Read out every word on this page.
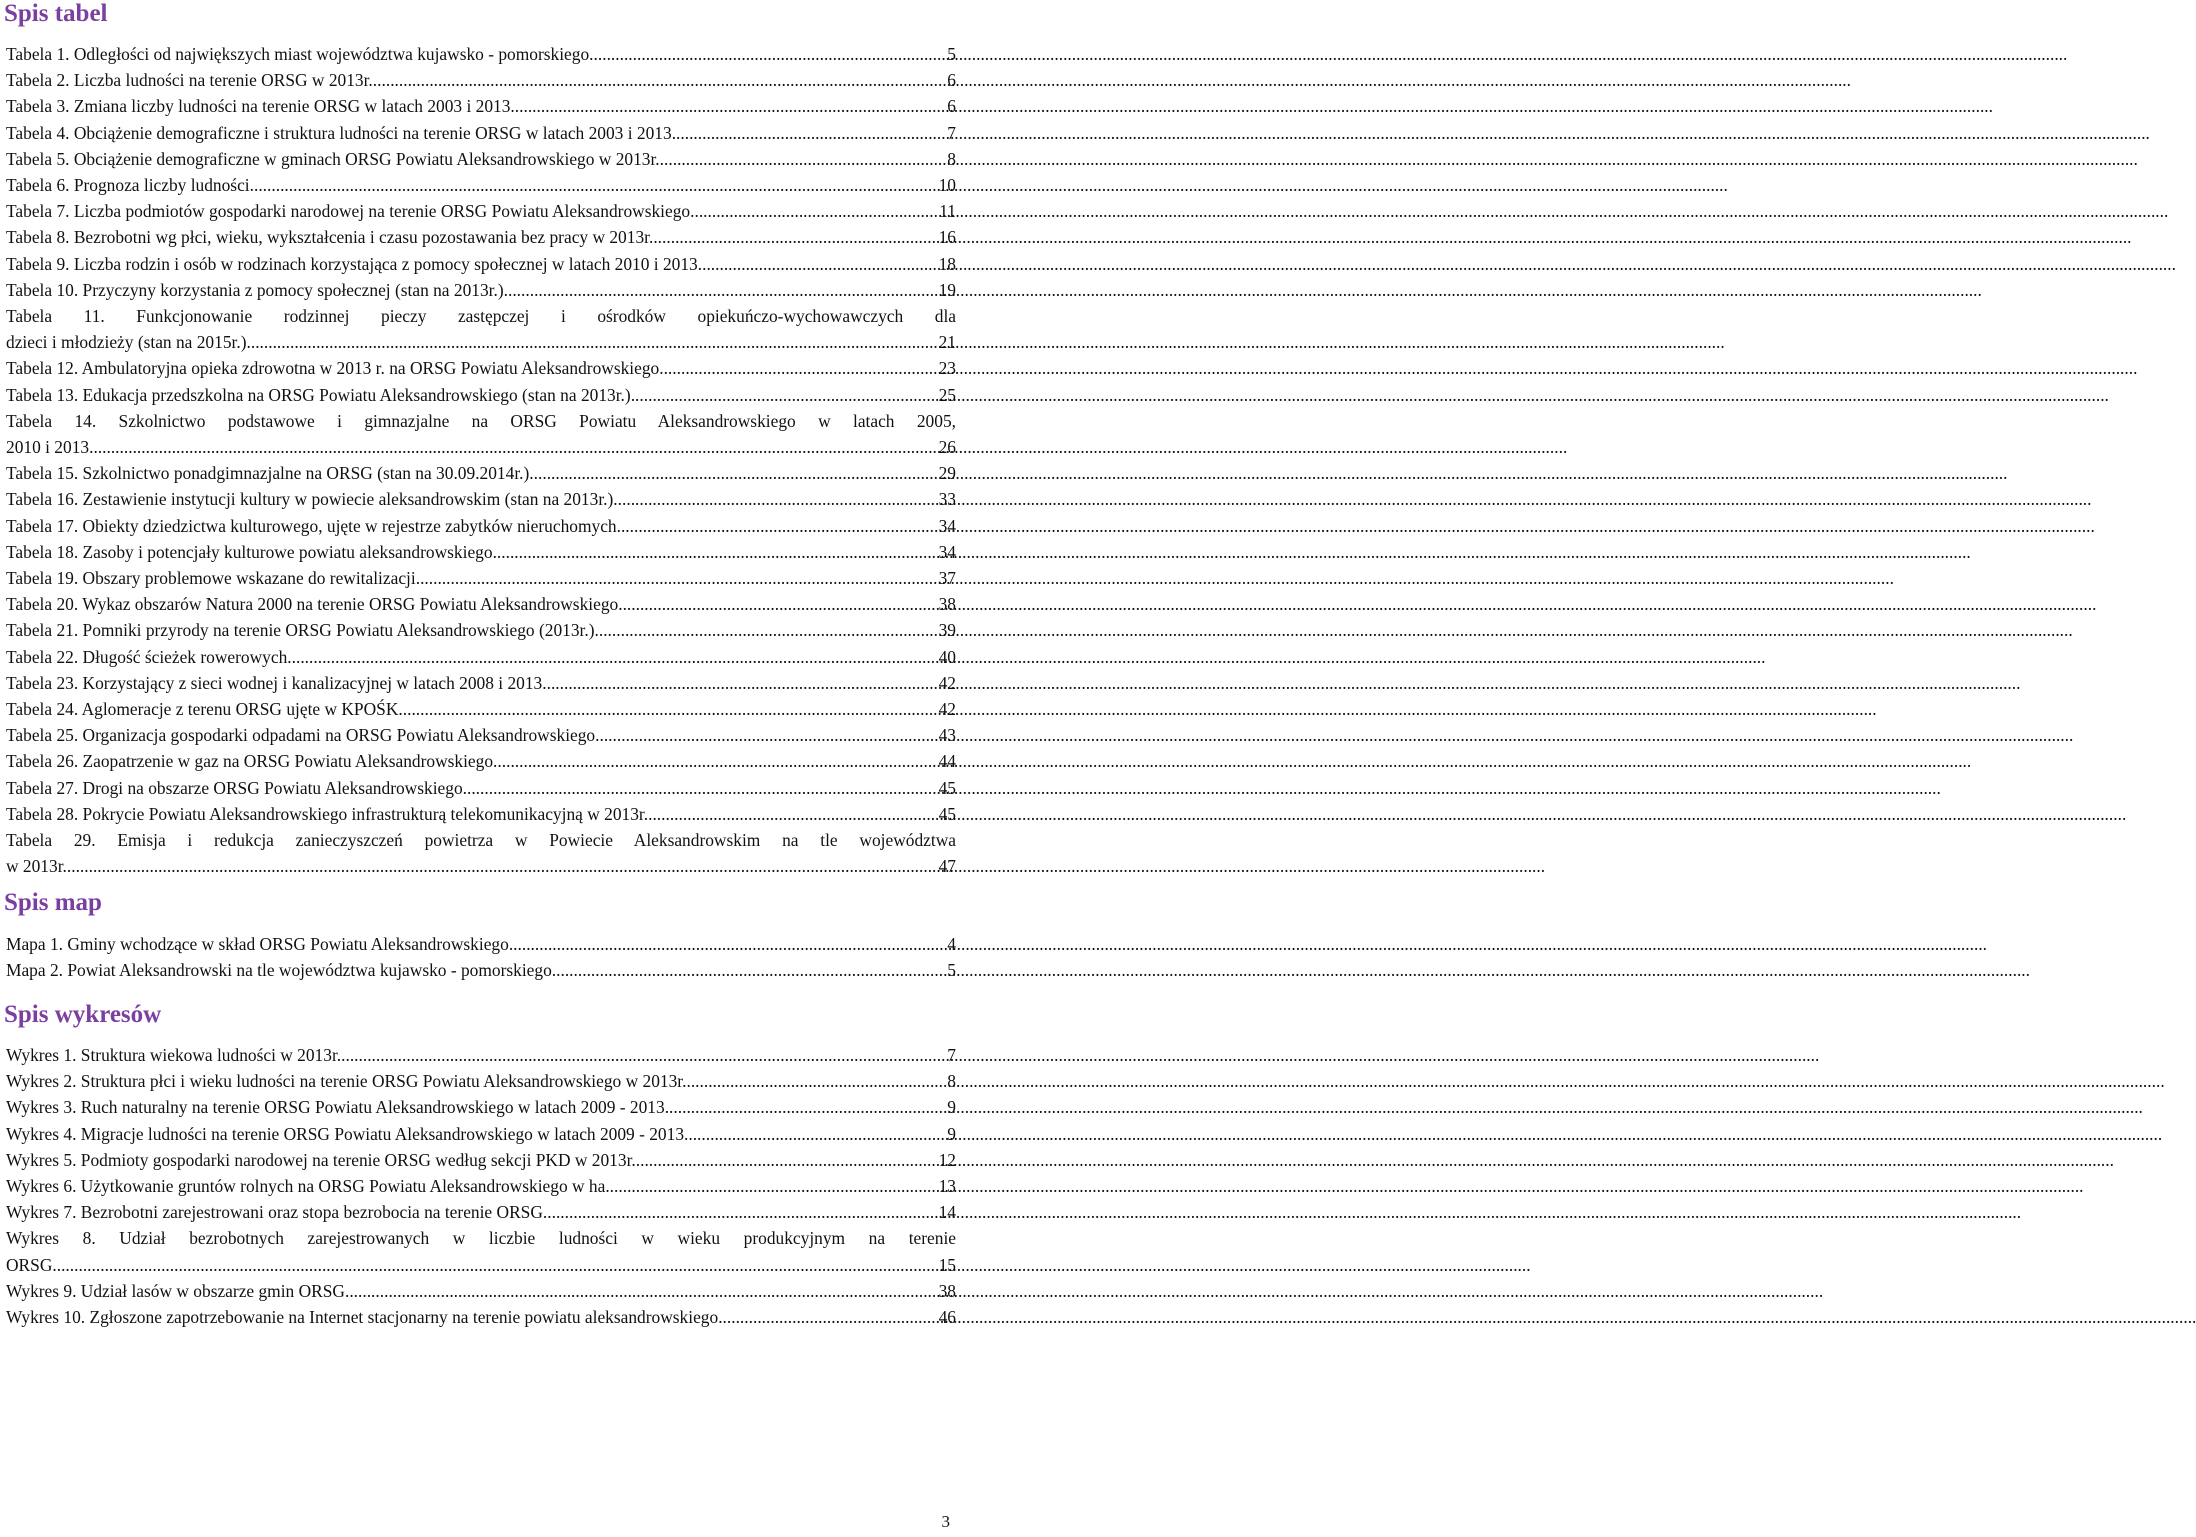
Spis tabel
Tabela 1. Odległości od największych miast województwa kujawsko - pomorskiego .....	5
Tabela 2. Liczba ludności na terenie ORSG w 2013r. .....	6
Tabela 3. Zmiana liczby ludności na terenie ORSG w latach 2003 i 2013. .....	6
Tabela 4. Obciążenie demograficzne i struktura ludności na terenie ORSG w latach 2003 i 2013 .....	7
Tabela 5. Obciążenie demograficzne w gminach ORSG Powiatu Aleksandrowskiego w 2013r. .....	8
Tabela 6. Prognoza liczby ludności .....	10
Tabela 7. Liczba podmiotów gospodarki narodowej na terenie ORSG Powiatu Aleksandrowskiego .....	11
Tabela 8. Bezrobotni wg płci, wieku, wykształcenia i czasu pozostawania bez pracy w 2013r. .....	16
Tabela 9. Liczba rodzin i osób w rodzinach korzystająca z pomocy społecznej w latach 2010 i 2013 .....	18
Tabela 10. Przyczyny korzystania z pomocy społecznej (stan na 2013r.) .....	19
Tabela 11. Funkcjonowanie rodzinnej pieczy zastępczej i ośrodków opiekuńczo-wychowawczych dla
dzieci i młodzieży (stan na 2015r.) .....	21
Tabela 12. Ambulatoryjna opieka zdrowotna w 2013 r. na ORSG Powiatu Aleksandrowskiego .....	23
Tabela 13. Edukacja przedszkolna na ORSG Powiatu Aleksandrowskiego (stan na 2013r.) .....	25
Tabela 14. Szkolnictwo podstawowe i gimnazjalne na ORSG Powiatu Aleksandrowskiego w latach 2005,
2010 i 2013 .....	26
Tabela 15. Szkolnictwo ponadgimnazjalne na ORSG (stan na 30.09.2014r.) .....	29
Tabela 16. Zestawienie instytucji kultury w powiecie aleksandrowskim (stan na 2013r.) .....	33
Tabela 17. Obiekty dziedzictwa kulturowego, ujęte w rejestrze zabytków nieruchomych .....	34
Tabela 18. Zasoby i potencjały kulturowe powiatu aleksandrowskiego .....	34
Tabela 19. Obszary problemowe wskazane do rewitalizacji .....	37
Tabela 20. Wykaz obszarów Natura 2000 na terenie ORSG Powiatu Aleksandrowskiego .....	38
Tabela 21. Pomniki przyrody na terenie ORSG Powiatu Aleksandrowskiego (2013r.) .....	39
Tabela 22. Długość ścieżek rowerowych .....	40
Tabela 23. Korzystający z sieci wodnej i kanalizacyjnej w latach 2008 i 2013 .....	42
Tabela 24. Aglomeracje z terenu ORSG ujęte w KPOŚK .....	42
Tabela 25. Organizacja gospodarki odpadami na ORSG Powiatu Aleksandrowskiego .....	43
Tabela 26. Zaopatrzenie w gaz na ORSG Powiatu Aleksandrowskiego .....	44
Tabela 27. Drogi na obszarze ORSG Powiatu Aleksandrowskiego .....	45
Tabela 28. Pokrycie Powiatu Aleksandrowskiego infrastrukturą telekomunikacyjną w 2013r. .....	45
Tabela 29. Emisja i redukcja zanieczyszczeń powietrza w Powiecie Aleksandrowskim na tle województwa
w 2013r. .....	47
Spis map
Mapa 1. Gminy wchodzące w skład ORSG Powiatu Aleksandrowskiego .....	4
Mapa 2. Powiat Aleksandrowski na tle województwa kujawsko - pomorskiego .....	5
Spis wykresów
Wykres 1. Struktura wiekowa ludności w 2013r. .....	7
Wykres 2. Struktura płci i wieku ludności na terenie ORSG Powiatu Aleksandrowskiego w 2013r. .....	8
Wykres 3. Ruch naturalny na terenie ORSG Powiatu Aleksandrowskiego w latach 2009 - 2013 .....	9
Wykres 4. Migracje ludności na terenie ORSG Powiatu Aleksandrowskiego w latach 2009 - 2013 .....	9
Wykres 5. Podmioty gospodarki narodowej na terenie ORSG według sekcji PKD w 2013r. .....	12
Wykres 6. Użytkowanie gruntów rolnych na ORSG Powiatu Aleksandrowskiego w ha .....	13
Wykres 7. Bezrobotni zarejestrowani oraz stopa bezrobocia na terenie ORSG .....	14
Wykres 8. Udział bezrobotnych zarejestrowanych w liczbie ludności w wieku produkcyjnym na terenie
ORSG .....	15
Wykres 9. Udział lasów w obszarze gmin ORSG .....	38
Wykres 10. Zgłoszone zapotrzebowanie na Internet stacjonarny na terenie powiatu aleksandrowskiego .....	46
3
